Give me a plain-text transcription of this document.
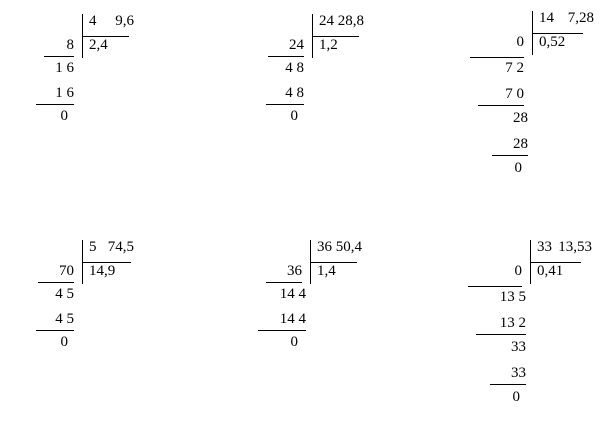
9,6
4
2,4
8
1 6
1 6
0
28,8
24
1,2
24
4 8
4 8
0
7,28
14
0,52
0
7 2
7 0
28
28
0
74,5
5
14,9
70
4 5
4 5
0
50,4
36
1,4
36
14 4
14 4
0
13,53
33
0,41
0
13 5
13 2
33
33
0
